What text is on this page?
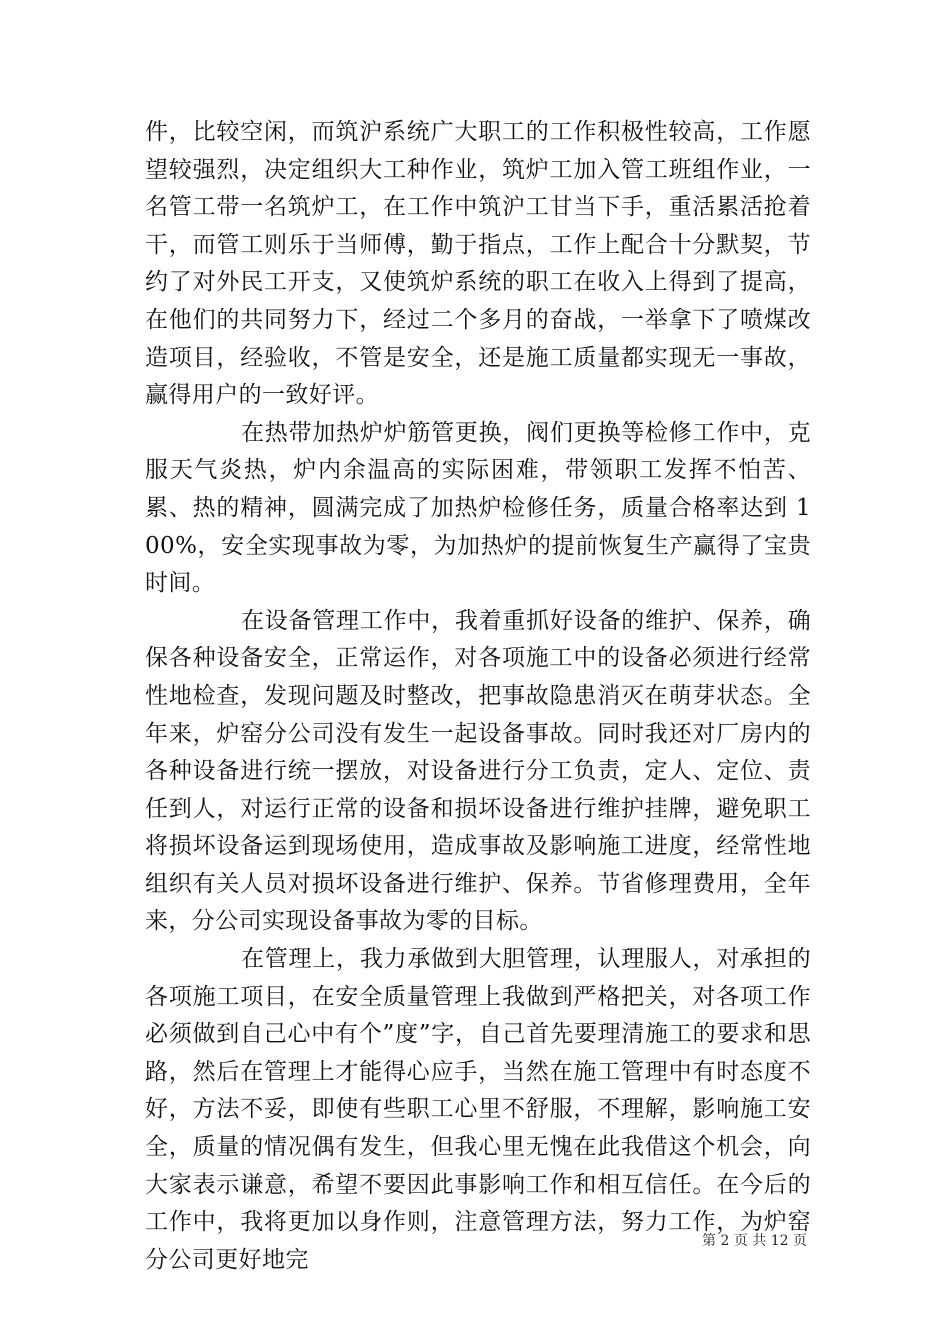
件，比较空闲，而筑沪系统广大职工的工作积极性较高，工作愿望较强烈，决定组织大工种作业，筑炉工加入管工班组作业，一名管工带一名筑炉工，在工作中筑沪工甘当下手，重活累活抢着干，而管工则乐于当师傅，勤于指点，工作上配合十分默契，节约了对外民工开支，又使筑炉系统的职工在收入上得到了提高，在他们的共同努力下，经过二个多月的奋战，一举拿下了喷煤改造项目，经验收，不管是安全，还是施工质量都实现无一事故，赢得用户的一致好评。

在热带加热炉炉筋管更换，阀们更换等检修工作中，克服天气炎热，炉内余温高的实际困难，带领职工发挥不怕苦、累、热的精神，圆满完成了加热炉检修任务，质量合格率达到 100%，安全实现事故为零，为加热炉的提前恢复生产赢得了宝贵时间。

在设备管理工作中，我着重抓好设备的维护、保养，确保各种设备安全，正常运作，对各项施工中的设备必须进行经常性地检查，发现问题及时整改，把事故隐患消灭在萌芽状态。全年来，炉窑分公司没有发生一起设备事故。同时我还对厂房内的各种设备进行统一摆放，对设备进行分工负责，定人、定位、责任到人，对运行正常的设备和损坏设备进行维护挂牌，避免职工将损坏设备运到现场使用，造成事故及影响施工进度，经常性地组织有关人员对损坏设备进行维护、保养。节省修理费用，全年来，分公司实现设备事故为零的目标。

在管理上，我力承做到大胆管理，认理服人，对承担的各项施工项目，在安全质量管理上我做到严格把关，对各项工作必须做到自己心中有个”度”字，自己首先要理清施工的要求和思路，然后在管理上才能得心应手，当然在施工管理中有时态度不好，方法不妥，即使有些职工心里不舒服，不理解，影响施工安全，质量的情况偶有发生，但我心里无愧在此我借这个机会，向大家表示谦意，希望不要因此事影响工作和相互信任。在今后的工作中，我将更加以身作则，注意管理方法，努力工作，为炉窑分公司更好地完

第 2 页 共 12 页
